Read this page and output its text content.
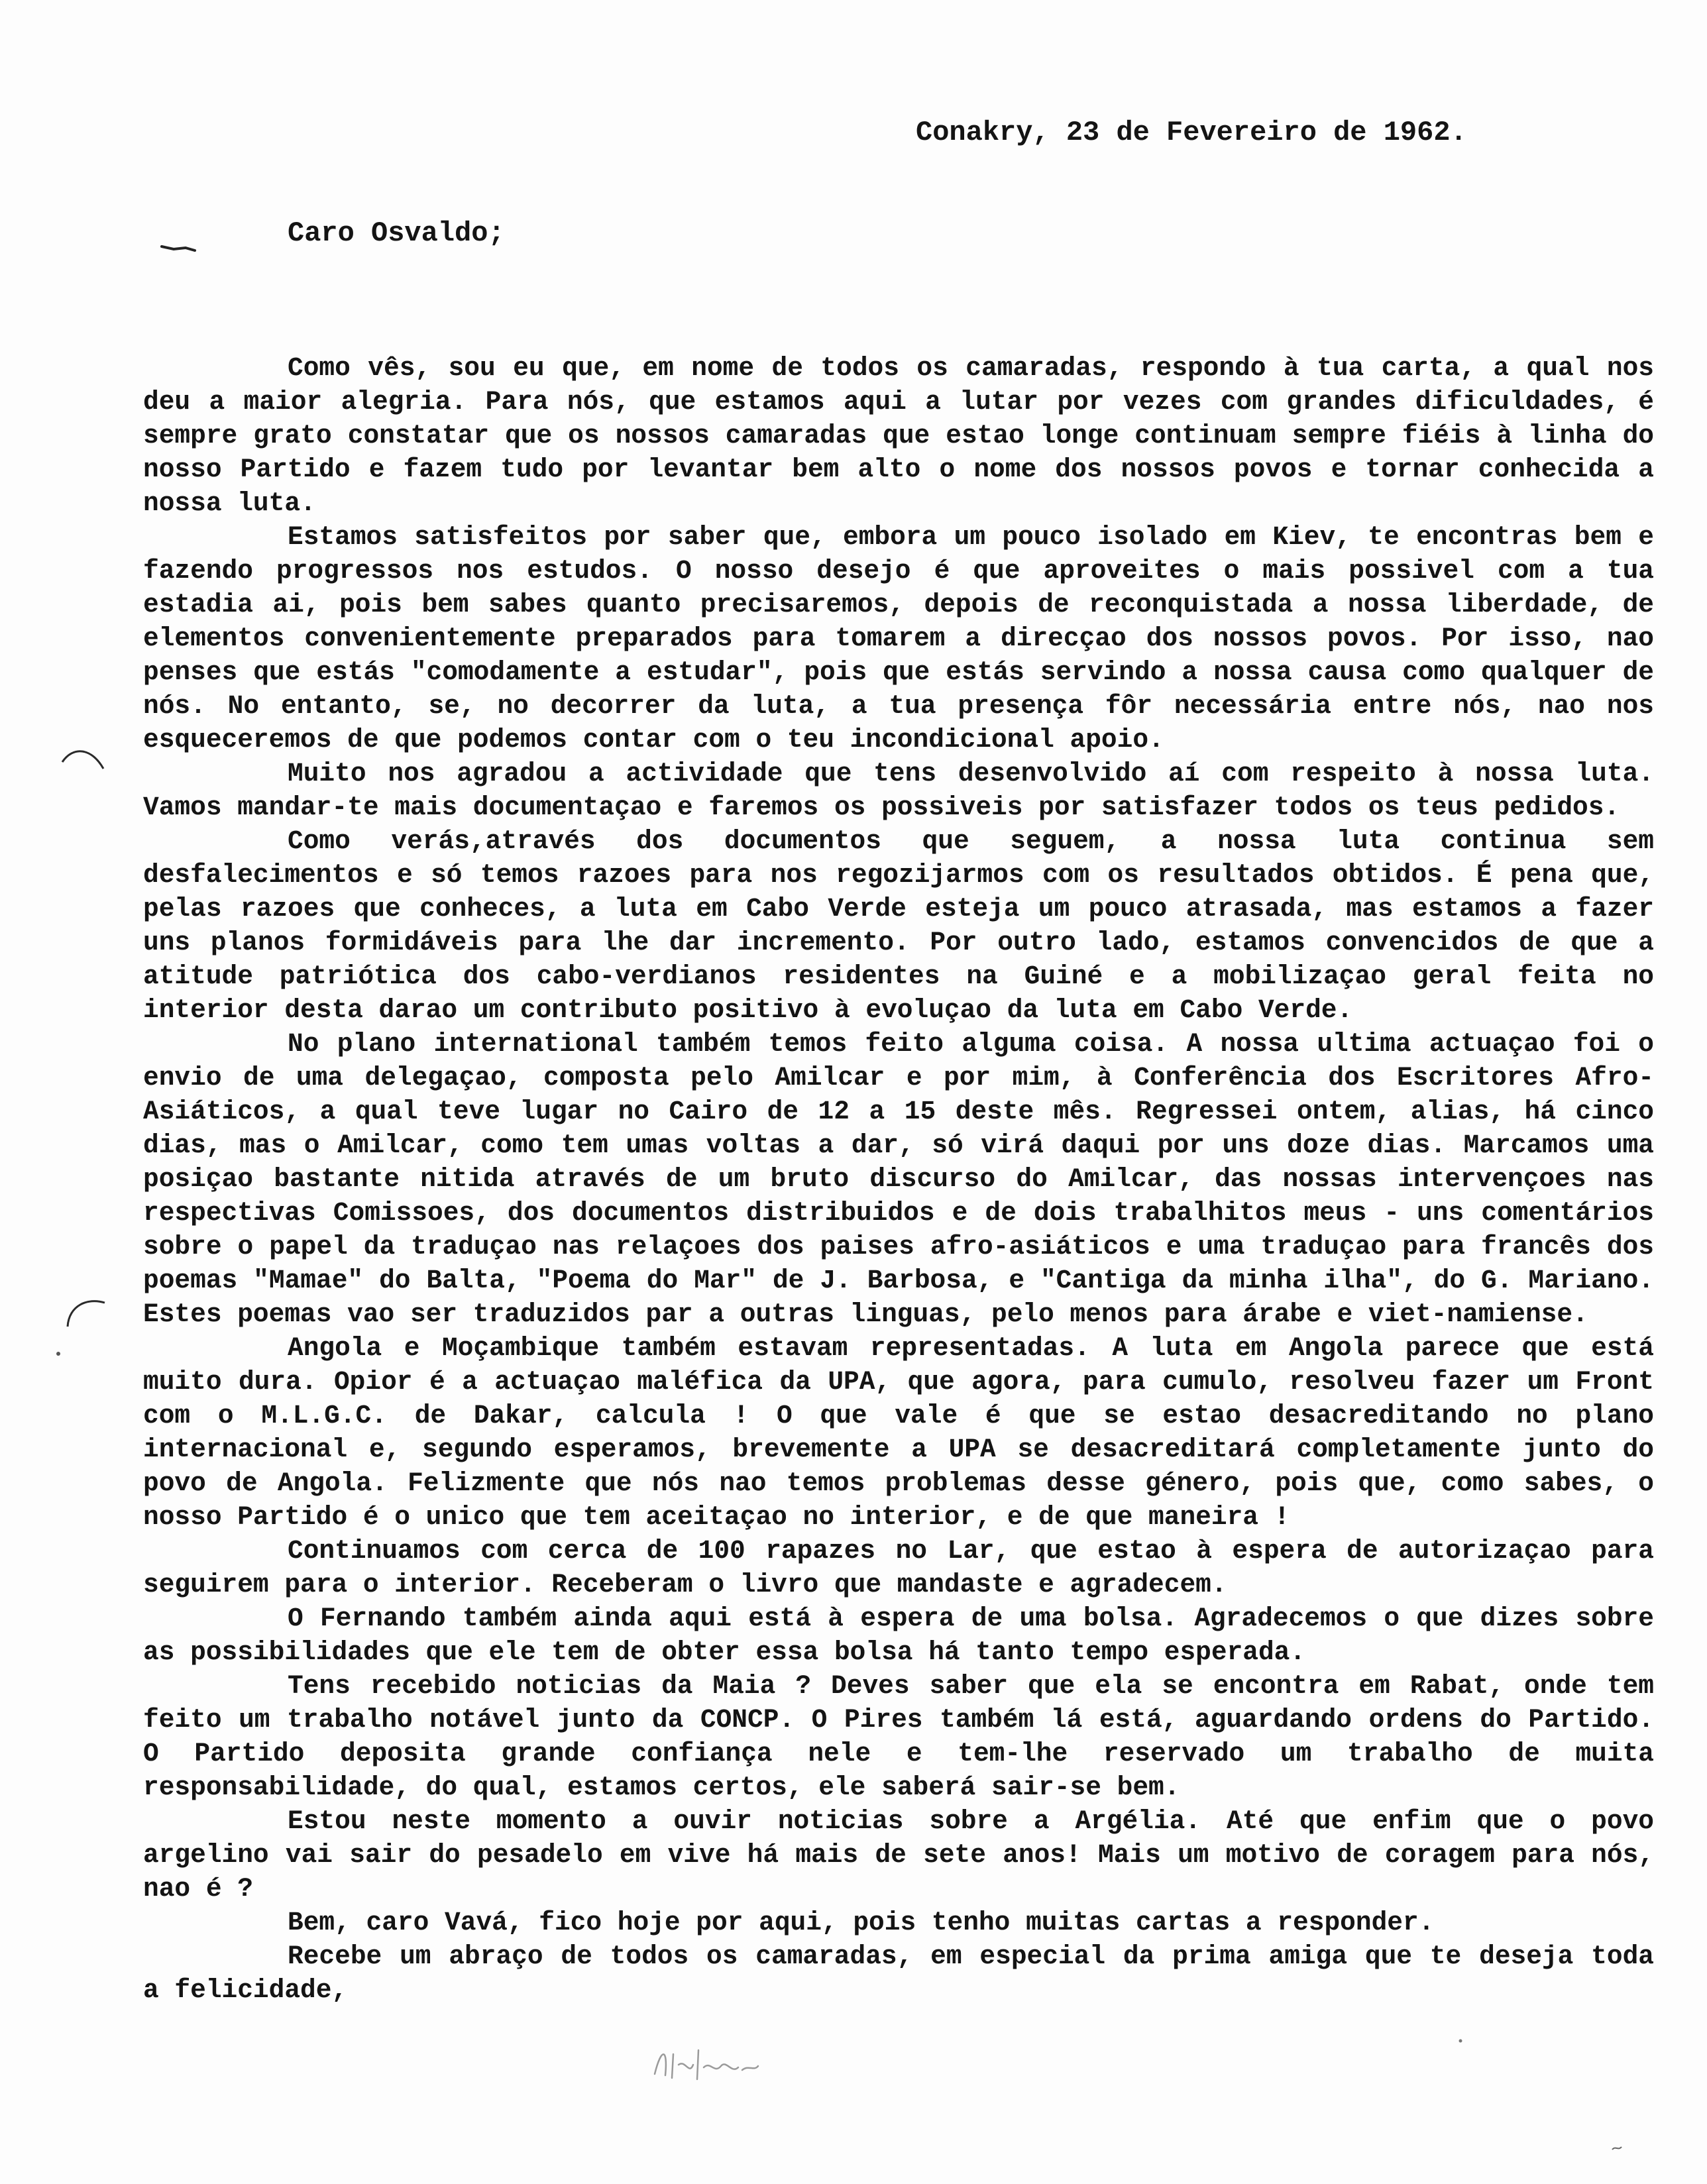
Conakry, 23 de Fevereiro de 1962.
Caro Osvaldo;

Como vês, sou eu que, em nome de todos os camaradas, respondo à tua carta, a qual nos deu a maior alegria. Para nós, que estamos aqui a lutar por vezes com grandes dificuldades, é sempre grato constatar que os nossos camaradas que estao longe continuam sempre fiéis à linha do nosso Partido e fazem tudo por levantar bem alto o nome dos nossos povos e tornar conhecida a nossa luta.

Estamos satisfeitos por saber que, embora um pouco isolado em Kiev, te encontras bem e fazendo progressos nos estudos. O nosso desejo é que aproveites o mais possivel com a tua estadia ai, pois bem sabes quanto precisaremos, depois de reconquistada a nossa liberdade, de elementos convenientemente preparados para tomarem a direcçao dos nossos povos. Por isso, nao penses que estás "comodamente a estudar", pois que estás servindo a nossa causa como qualquer de nós. No entanto, se, no decorrer da luta, a tua presença fôr necessária entre nós, nao nos esqueceremos de que podemos contar com o teu incondicional apoio.

Muito nos agradou a actividade que tens desenvolvido aí com respeito à nossa luta. Vamos mandar-te mais documentaçao e faremos os possiveis por satisfazer todos os teus pedidos.

Como verás,através dos documentos que seguem, a nossa luta continua sem desfalecimentos e só temos razoes para nos regozijarmos com os resultados obtidos. É pena que, pelas razoes que conheces, a luta em Cabo Verde esteja um pouco atrasada, mas estamos a fazer uns planos formidáveis para lhe dar incremento. Por outro lado, estamos convencidos de que a atitude patriótica dos cabo-verdianos residentes na Guiné e a mobilizaçao geral feita no interior desta darao um contributo positivo à evoluçao da luta em Cabo Verde.

No plano international também temos feito alguma coisa. A nossa ultima actuaçao foi o envio de uma delegaçao, composta pelo Amilcar e por mim, à Conferência dos Escritores Afro-Asiáticos, a qual teve lugar no Cairo de 12 a 15 deste mês. Regressei ontem, alias, há cinco dias, mas o Amilcar, como tem umas voltas a dar, só virá daqui por uns doze dias. Marcamos uma posiçao bastante nitida através de um bruto discurso do Amilcar, das nossas intervençoes nas respectivas Comissoes, dos documentos distribuidos e de dois trabalhitos meus - uns comentários sobre o papel da traduçao nas relaçoes dos paises afro-asiáticos e uma traduçao para francês dos poemas "Mamae" do Balta, "Poema do Mar" de J. Barbosa, e "Cantiga da minha ilha", do G. Mariano. Estes poemas vao ser traduzidos par a outras linguas, pelo menos para árabe e viet-namiense.

Angola e Moçambique também estavam representadas. A luta em Angola parece que está muito dura. Opior é a actuaçao maléfica da UPA, que agora, para cumulo, resolveu fazer um Front com o M.L.G.C. de Dakar, calcula ! O que vale é que se estao desacreditando no plano internacional e, segundo esperamos, brevemente a UPA se desacreditará completamente junto do povo de Angola. Felizmente que nós nao temos problemas desse género, pois que, como sabes, o nosso Partido é o unico que tem aceitaçao no interior, e de que maneira !

Continuamos com cerca de 100 rapazes no Lar, que estao à espera de autorizaçao para seguirem para o interior. Receberam o livro que mandaste e agradecem.

O Fernando também ainda aqui está à espera de uma bolsa. Agradecemos o que dizes sobre as possibilidades que ele tem de obter essa bolsa há tanto tempo esperada.

Tens recebido noticias da Maia ? Deves saber que ela se encontra em Rabat, onde tem feito um trabalho notável junto da CONCP. O Pires também lá está, aguardando ordens do Partido. O Partido deposita grande confiança nele e tem-lhe reservado um trabalho de muita responsabilidade, do qual, estamos certos, ele saberá sair-se bem.

Estou neste momento a ouvir noticias sobre a Argélia. Até que enfim que o povo argelino vai sair do pesadelo em vive há mais de sete anos! Mais um motivo de coragem para nós, nao é ?

Bem, caro Vavá, fico hoje por aqui, pois tenho muitas cartas a responder.

Recebe um abraço de todos os camaradas, em especial da prima amiga que te deseja toda a felicidade,
